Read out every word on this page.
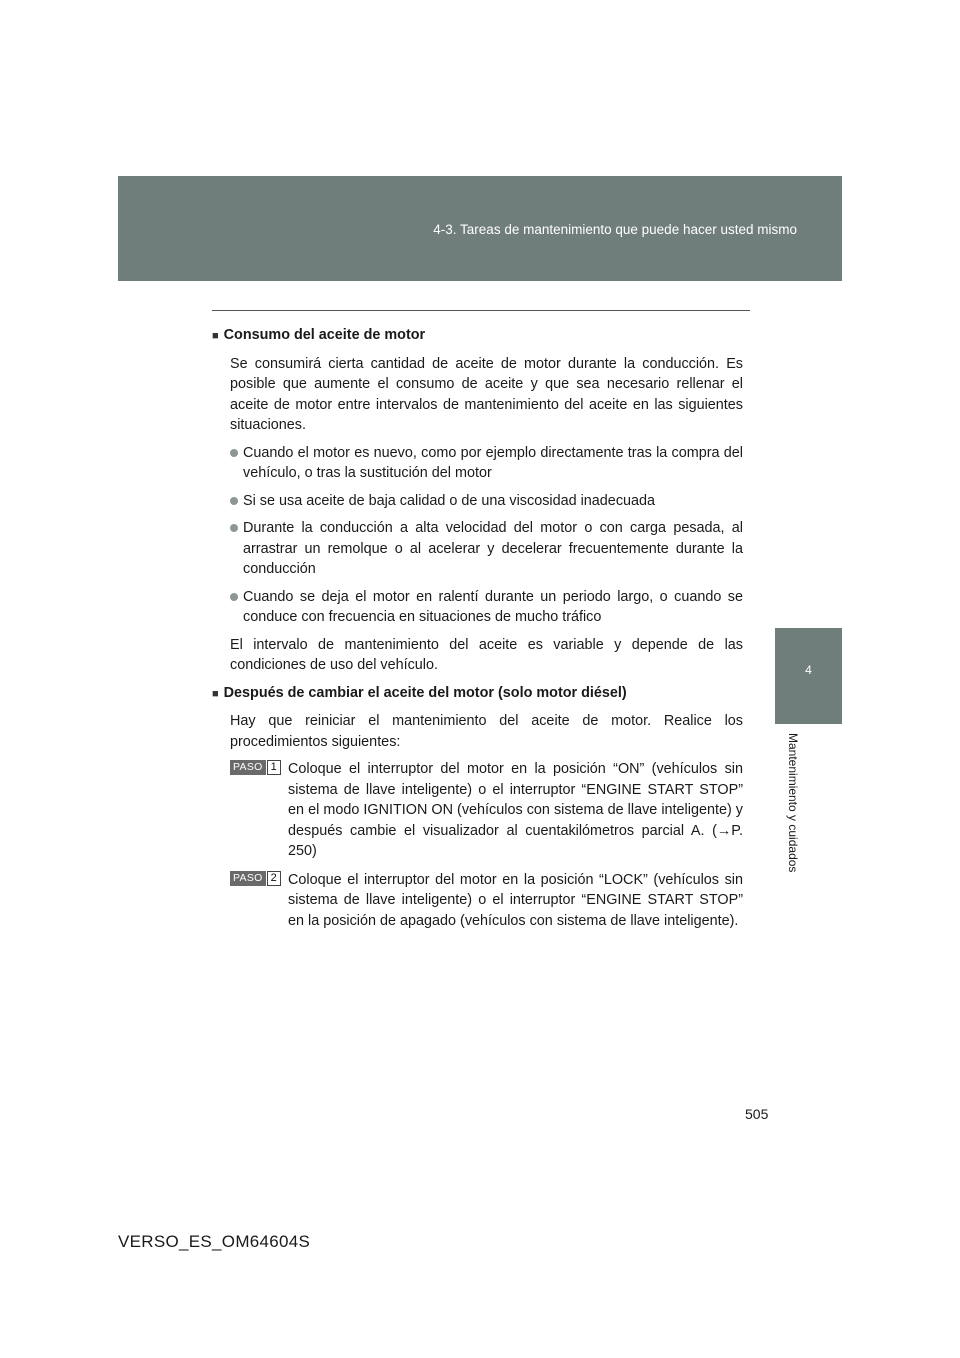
4-3. Tareas de mantenimiento que puede hacer usted mismo
4
Mantenimiento y cuidados
■ Consumo del aceite de motor
Se consumirá cierta cantidad de aceite de motor durante la conducción. Es posible que aumente el consumo de aceite y que sea necesario rellenar el aceite de motor entre intervalos de mantenimiento del aceite en las siguientes situaciones.
Cuando el motor es nuevo, como por ejemplo directamente tras la compra del vehículo, o tras la sustitución del motor
Si se usa aceite de baja calidad o de una viscosidad inadecuada
Durante la conducción a alta velocidad del motor o con carga pesada, al arrastrar un remolque o al acelerar y decelerar frecuentemente durante la conducción
Cuando se deja el motor en ralentí durante un periodo largo, o cuando se conduce con frecuencia en situaciones de mucho tráfico
El intervalo de mantenimiento del aceite es variable y depende de las condiciones de uso del vehículo.
■ Después de cambiar el aceite del motor (solo motor diésel)
Hay que reiniciar el mantenimiento del aceite de motor. Realice los procedimientos siguientes:
PASO 1 Coloque el interruptor del motor en la posición “ON” (vehículos sin sistema de llave inteligente) o el interruptor “ENGINE START STOP” en el modo IGNITION ON (vehículos con sistema de llave inteligente) y después cambie el visualizador al cuentakilómetros parcial A. (→P. 250)
PASO 2 Coloque el interruptor del motor en la posición “LOCK” (vehículos sin sistema de llave inteligente) o el interruptor “ENGINE START STOP” en la posición de apagado (vehículos con sistema de llave inteligente).
505
VERSO_ES_OM64604S
